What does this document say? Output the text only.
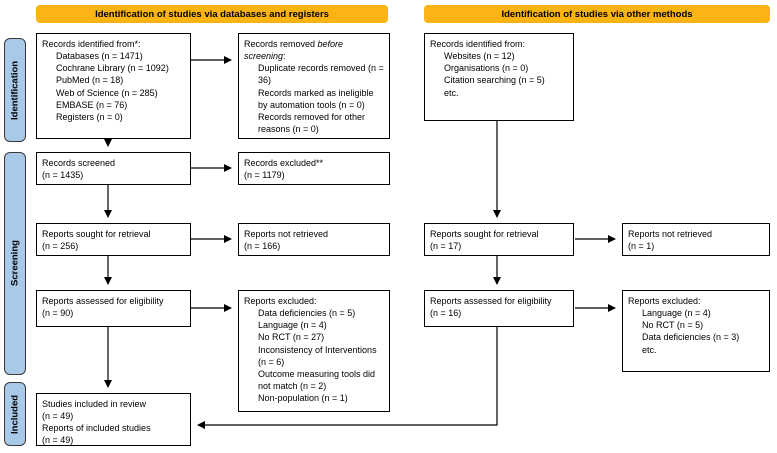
Identification of studies via databases and registers	Identification of studies via other methods
Identification
Screening
Included
Records identified from*:
Databases (n = 1471)
Cochrane Library (n = 1092)
PubMed (n = 18)
Web of Science (n = 285)
EMBASE (n = 76)
Registers (n = 0)
Records screened
(n = 1435)
Reports sought for retrieval
(n = 256)
Reports assessed for eligibility
(n = 90)
Studies included in review
(n = 49)
Reports of included studies
(n = 49)
Records removed before screening:
Duplicate records removed (n = 36)
Records marked as ineligible by automation tools (n = 0)
Records removed for other reasons (n = 0)
Records excluded**
(n = 1179)
Reports not retrieved
(n = 166)
Reports excluded:
Data deficiencies (n = 5)
Language (n = 4)
No RCT (n = 27)
Inconsistency of Interventions (n = 6)
Outcome measuring tools did not match (n = 2)
Non-population (n = 1)
Records identified from:
Websites (n = 12)
Organisations (n = 0)
Citation searching (n = 5)
etc.
Reports sought for retrieval
(n = 17)
Reports assessed for eligibility
(n = 16)
Reports not retrieved
(n = 1)
Reports excluded:
Language (n = 4)
No RCT (n = 5)
Data deficiencies (n = 3)
etc.
